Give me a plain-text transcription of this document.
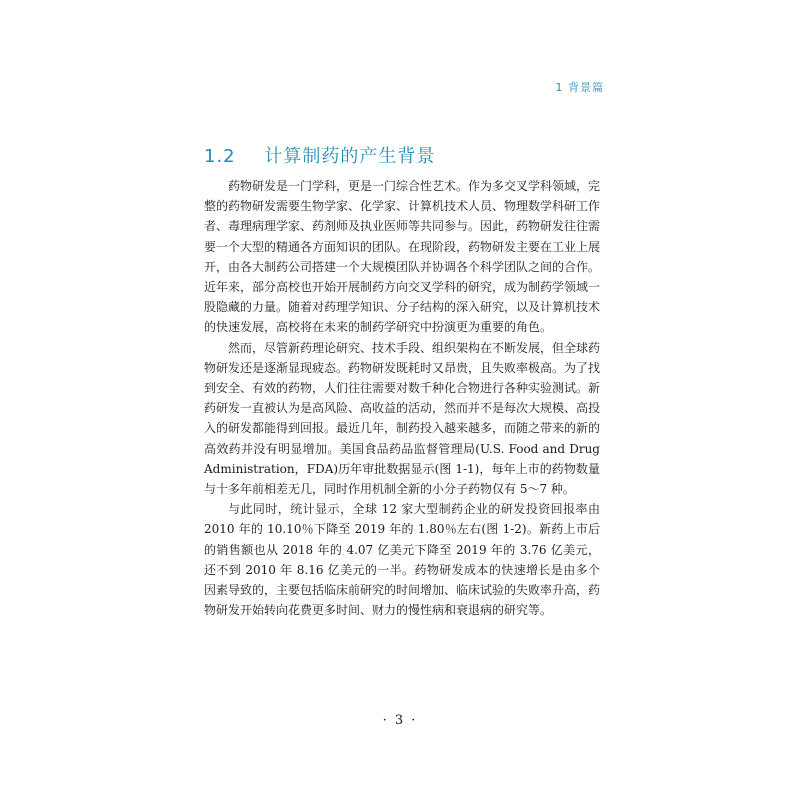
1 背景篇
1.2 计算制药的产生背景

药物研发是一门学科，更是一门综合性艺术。作为多交叉学科领域，完整的药物研发需要生物学家、化学家、计算机技术人员、物理数学科研工作者、毒理病理学家、药剂师及执业医师等共同参与。因此，药物研发往往需要一个大型的精通各方面知识的团队。在现阶段，药物研发主要在工业上展开，由各大制药公司搭建一个大规模团队并协调各个科学团队之间的合作。近年来，部分高校也开始开展制药方向交叉学科的研究，成为制药学领域一股隐藏的力量。随着对药理学知识、分子结构的深入研究，以及计算机技术的快速发展，高校将在未来的制药学研究中扮演更为重要的角色。

然而，尽管新药理论研究、技术手段、组织架构在不断发展，但全球药物研发还是逐渐显现疲态。药物研发既耗时又昂贵，且失败率极高。为了找到安全、有效的药物，人们往往需要对数千种化合物进行各种实验测试。新药研发一直被认为是高风险、高收益的活动，然而并不是每次大规模、高投入的研发都能得到回报。最近几年，制药投入越来越多，而随之带来的新的高效药并没有明显增加。美国食品药品监督管理局(U.S. Food and Drug Administration，FDA)历年审批数据显示(图 1-1)，每年上市的药物数量与十多年前相差无几，同时作用机制全新的小分子药物仅有 5～7 种。

与此同时，统计显示，全球 12 家大型制药企业的研发投资回报率由 2010 年的 10.10％下降至 2019 年的 1.80％左右(图 1-2)。新药上市后的销售额也从 2018 年的 4.07 亿美元下降至 2019 年的 3.76 亿美元，还不到 2010 年 8.16 亿美元的一半。药物研发成本的快速增长是由多个因素导致的，主要包括临床前研究的时间增加、临床试验的失败率升高，药物研发开始转向花费更多时间、财力的慢性病和衰退病的研究等。

· 3 ·
